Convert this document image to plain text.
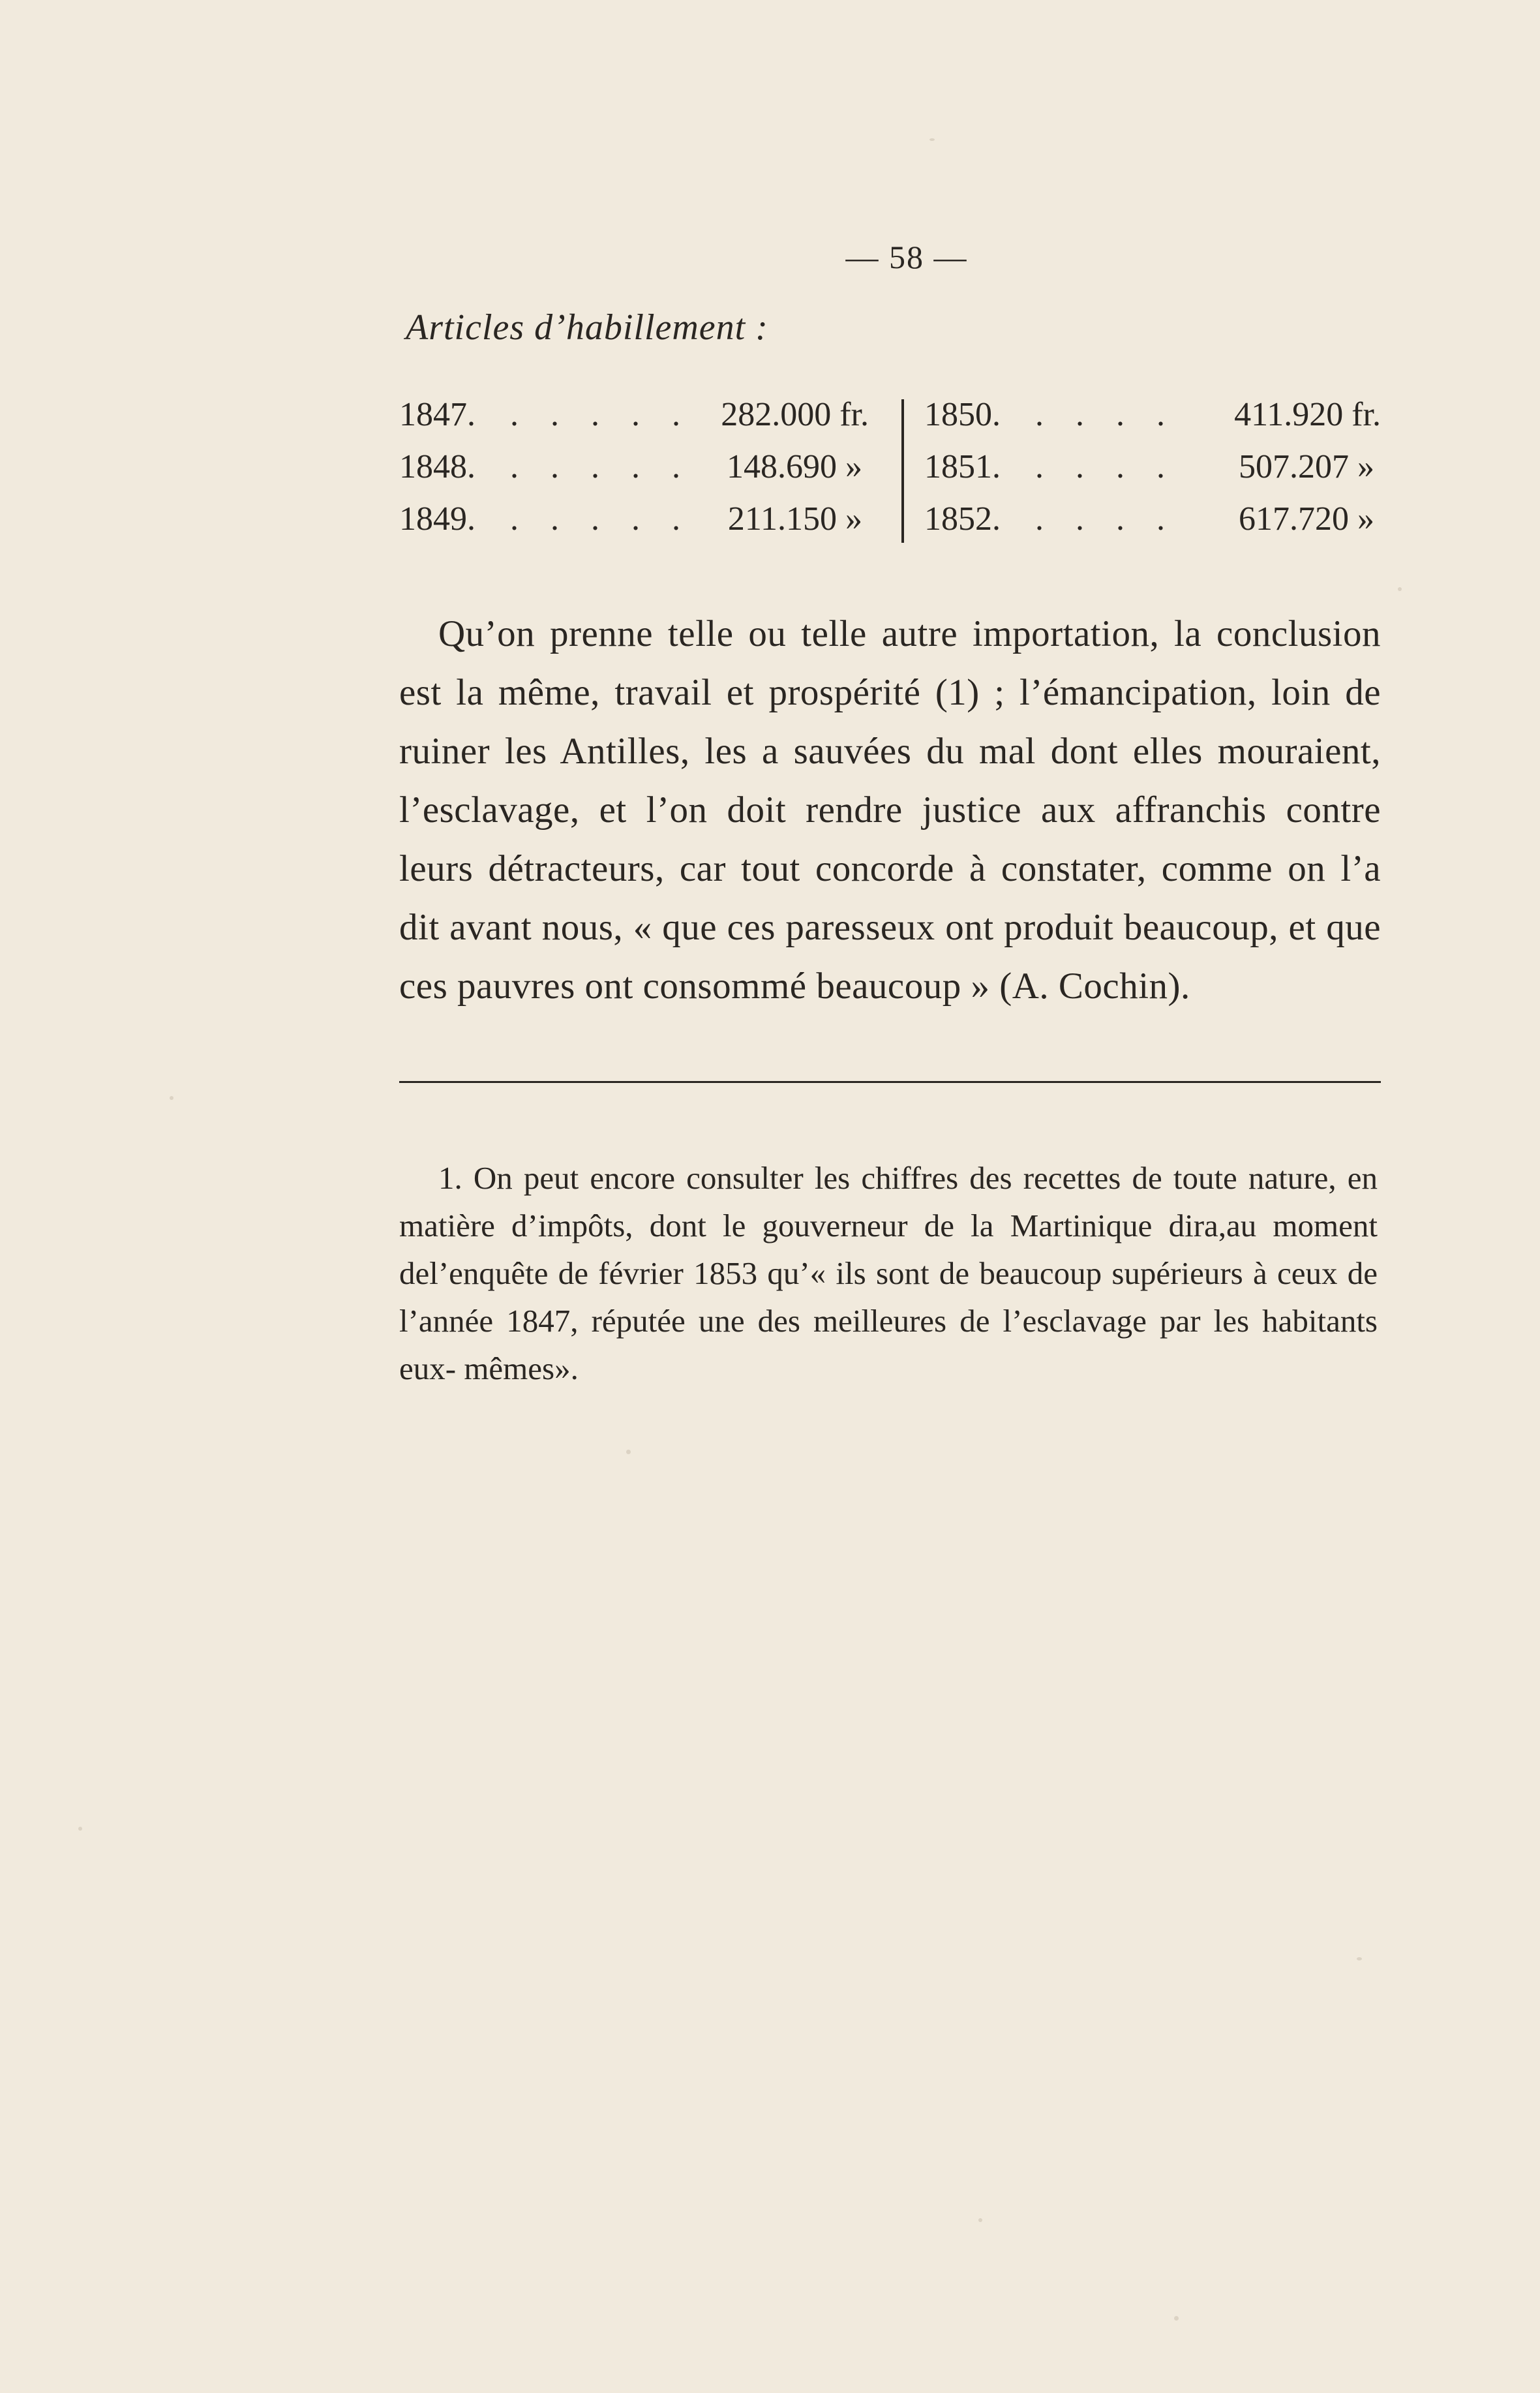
— 58 —
Articles d’habillement :
1847. . . . . . 282.000 fr.
1848. . . . . . 148.690 »
1849. . . . . . 211.150 »
1850. . . . . 411.920 fr.
1851. . . . . 507.207 »
1852. . . . . 617.720 »

Qu’on prenne telle ou telle autre importation, la conclusion est la même, travail et prospérité (1) ; l’émancipation, loin de ruiner les Antilles, les a sauvées du mal dont elles mouraient, l’esclavage, et l’on doit rendre justice aux affranchis contre leurs détracteurs, car tout concorde à constater, comme on l’a dit avant nous, « que ces paresseux ont produit beaucoup, et que ces pauvres ont consommé beaucoup » (A. Cochin).

1. On peut encore consulter les chiffres des recettes de toute nature, en matière d’impôts, dont le gouverneur de la Martinique dira,au moment del’enquête de février 1853 qu’« ils sont de beaucoup supérieurs à ceux de l’année 1847, réputée une des meilleures de l’esclavage par les habitants eux- mêmes».
